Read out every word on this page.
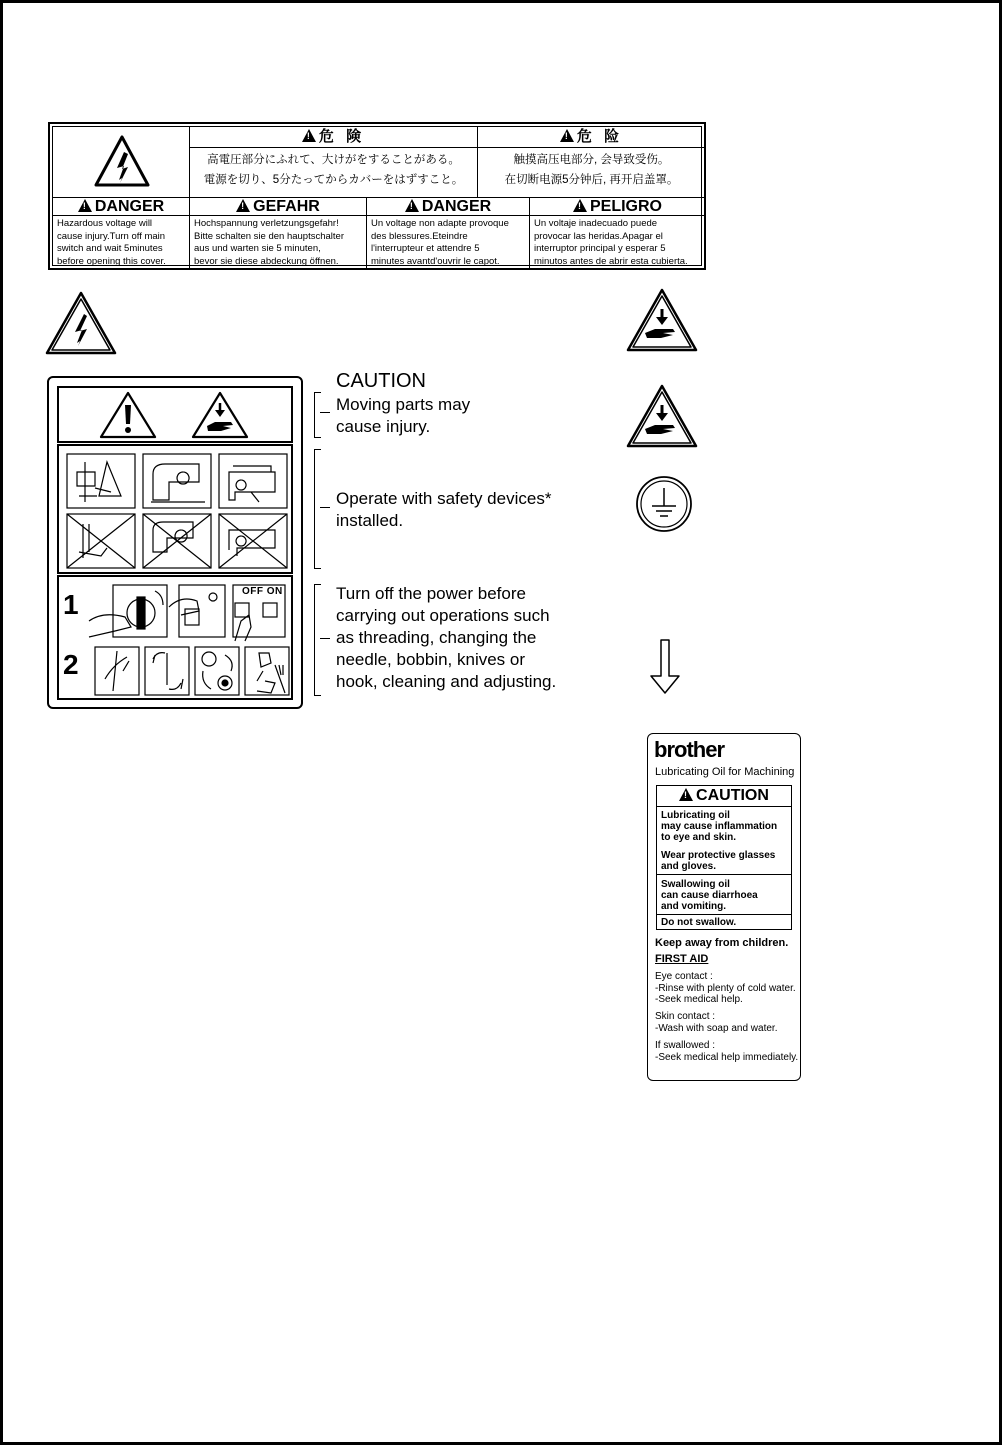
!危 険 !	危 险
高電圧部分にふれて、大けがをすることがある。
電源を切り、5分たってからカバーをはずすこと。
触摸高压电部分, 会导致受伤。
在切断电源5分钟后, 再开启盖罩。
!DANGER !	GEFAHR !	DANGER !	PELIGRO
Hazardous voltage will
cause injury.Turn off main
switch and wait 5minutes
before opening this cover.
Hochspannung verletzungsgefahr!
Bitte schalten sie den hauptschalter
aus und warten sie 5 minuten,
bevor sie diese abdeckung öffnen.
Un voltage non adapte provoque
des blessures.Eteindre
l'interrupteur et attendre 5
minutes avantd'ouvrir le capot.
Un voltaje inadecuado puede
provocar las heridas.Apagar el
interruptor principal y esperar 5
minutos antes de abrir esta cubierta.
1
2
OFF ON
CAUTION
Moving parts may
cause injury.
Operate with safety devices*
installed.
Turn off the power before
carrying out operations such
as threading, changing the
needle, bobbin, knives or
hook, cleaning and adjusting.
brother
Lubricating Oil for Machining
!CAUTION
Lubricating oil
may cause inflammation
to eye and skin.
Wear protective glasses
and gloves.
Swallowing oil
can cause diarrhoea
and vomiting.
Do not swallow.
Keep away from children.
FIRST AID
Eye contact :
-Rinse with plenty of cold water.
-Seek medical help.
Skin contact :
-Wash with soap and water.
If swallowed :
-Seek medical help immediately.
